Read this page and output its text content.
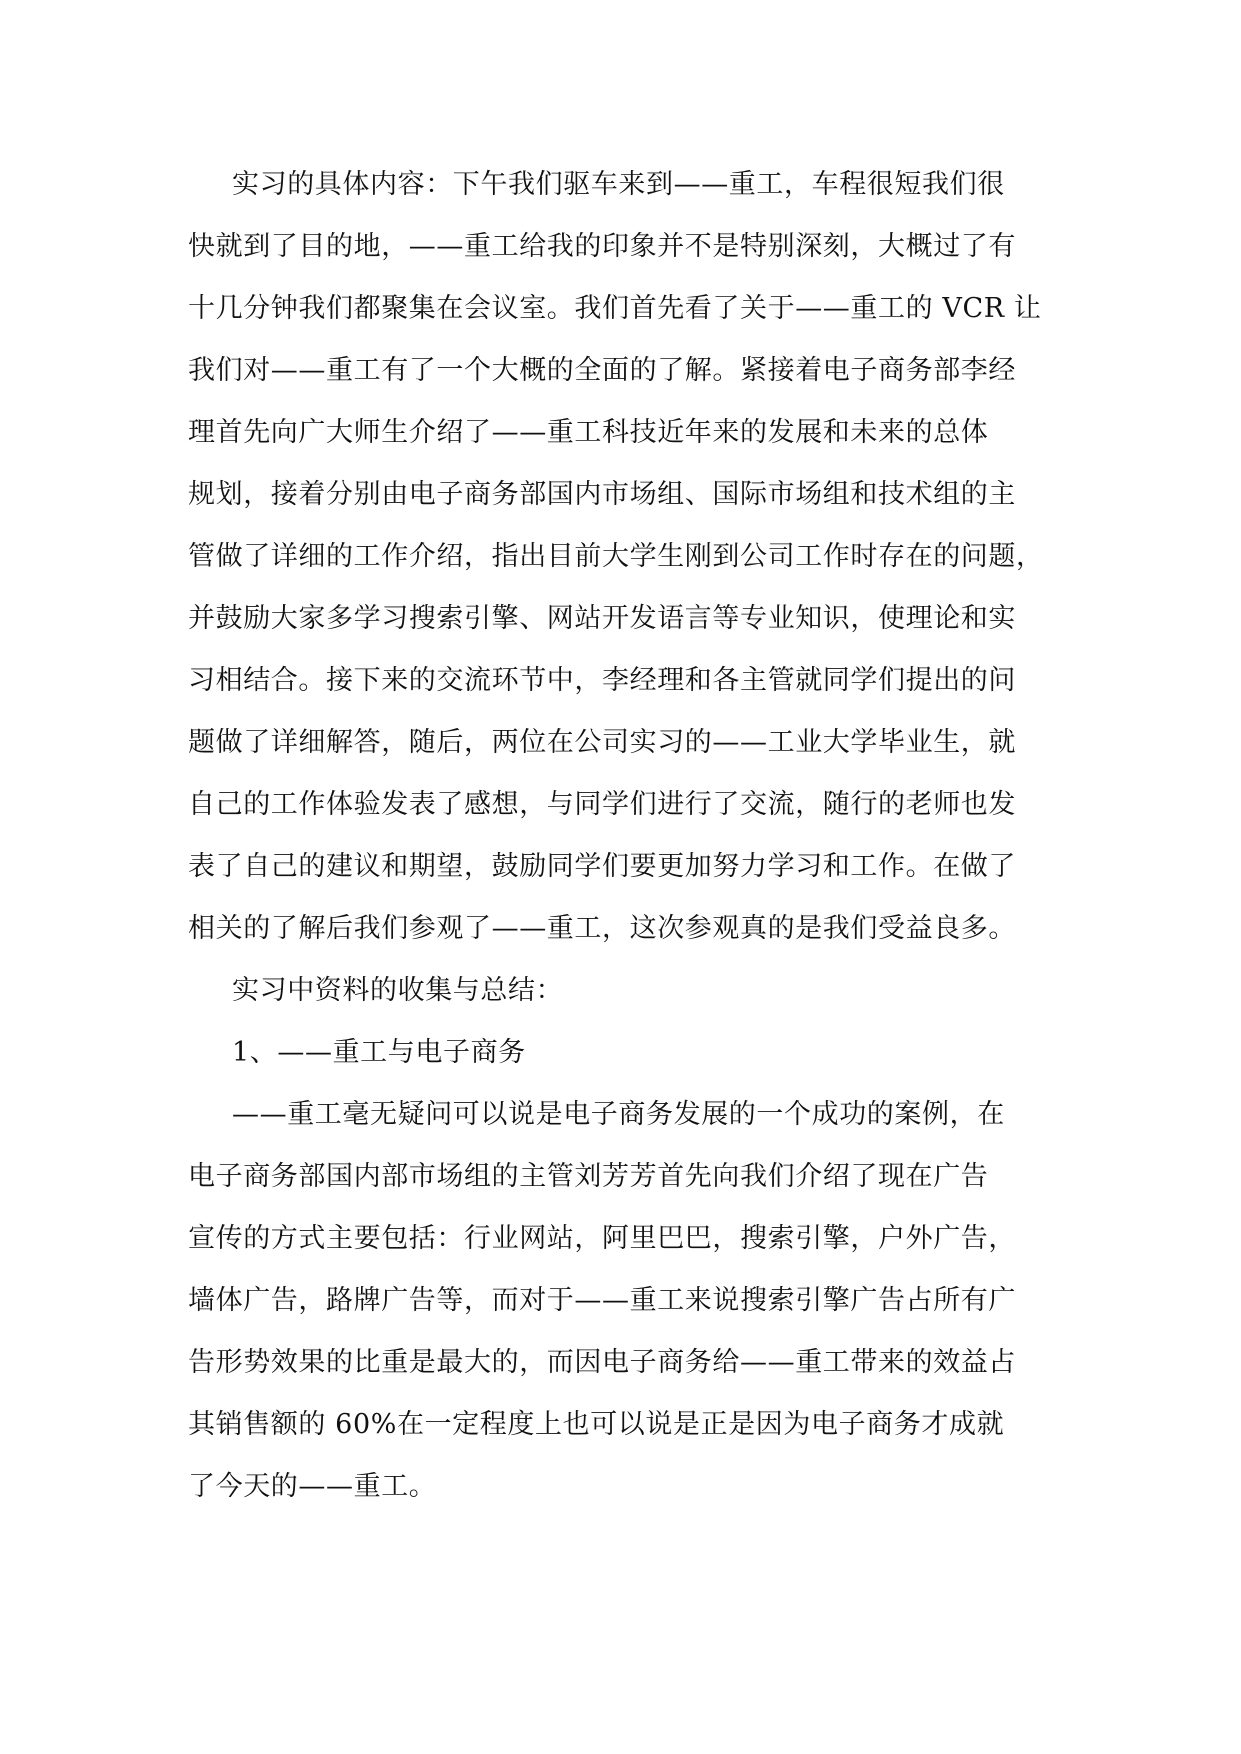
实习的具体内容：下午我们驱车来到——重工，车程很短我们很
快就到了目的地，——重工给我的印象并不是特别深刻，大概过了有
十几分钟我们都聚集在会议室。我们首先看了关于——重工的 VCR 让
我们对——重工有了一个大概的全面的了解。紧接着电子商务部李经
理首先向广大师生介绍了——重工科技近年来的发展和未来的总体
规划，接着分别由电子商务部国内市场组、国际市场组和技术组的主
管做了详细的工作介绍，指出目前大学生刚到公司工作时存在的问题，
并鼓励大家多学习搜索引擎、网站开发语言等专业知识，使理论和实
习相结合。接下来的交流环节中，李经理和各主管就同学们提出的问
题做了详细解答，随后，两位在公司实习的——工业大学毕业生，就
自己的工作体验发表了感想，与同学们进行了交流，随行的老师也发
表了自己的建议和期望，鼓励同学们要更加努力学习和工作。在做了
相关的了解后我们参观了——重工，这次参观真的是我们受益良多。
实习中资料的收集与总结：
1、——重工与电子商务
——重工毫无疑问可以说是电子商务发展的一个成功的案例，在
电子商务部国内部市场组的主管刘芳芳首先向我们介绍了现在广告
宣传的方式主要包括：行业网站，阿里巴巴，搜索引擎，户外广告，
墙体广告，路牌广告等，而对于——重工来说搜索引擎广告占所有广
告形势效果的比重是最大的，而因电子商务给——重工带来的效益占
其销售额的 60%在一定程度上也可以说是正是因为电子商务才成就
了今天的——重工。
